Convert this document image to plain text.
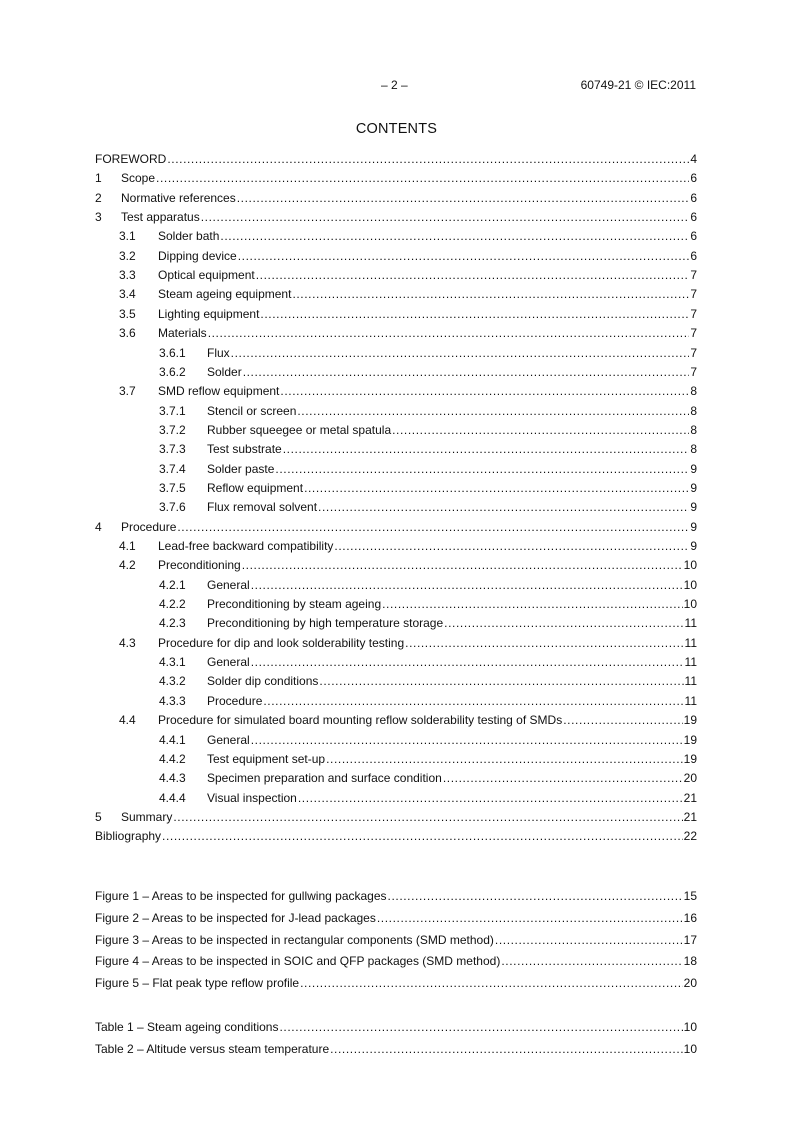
– 2 –	60749-21 © IEC:2011
CONTENTS
FOREWORD .....	4
1	Scope .....	6
2	Normative references .....	6
3	Test apparatus .....	6
3.1	Solder bath .....	6
3.2	Dipping device .....	6
3.3	Optical equipment .....	7
3.4	Steam ageing equipment .....	7
3.5	Lighting equipment .....	7
3.6	Materials .....	7
3.6.1	Flux .....	7
3.6.2	Solder .....	7
3.7	SMD reflow equipment .....	8
3.7.1	Stencil or screen .....	8
3.7.2	Rubber squeegee or metal spatula .....	8
3.7.3	Test substrate .....	8
3.7.4	Solder paste .....	9
3.7.5	Reflow equipment .....	9
3.7.6	Flux removal solvent .....	9
4	Procedure .....	9
4.1	Lead-free backward compatibility .....	9
4.2	Preconditioning .....	10
4.2.1	General .....	10
4.2.2	Preconditioning by steam ageing .....	10
4.2.3	Preconditioning by high temperature storage .....	11
4.3	Procedure for dip and look solderability testing .....	11
4.3.1	General .....	11
4.3.2	Solder dip conditions .....	11
4.3.3	Procedure .....	11
4.4	Procedure for simulated board mounting reflow solderability testing of SMDs .....	19
4.4.1	General .....	19
4.4.2	Test equipment set-up .....	19
4.4.3	Specimen preparation and surface condition .....	20
4.4.4	Visual inspection .....	21
5	Summary .....	21
Bibliography .....	22
Figure 1 – Areas to be inspected for gullwing packages .....	15
Figure 2 – Areas to be inspected for J-lead packages .....	16
Figure 3 – Areas to be inspected in rectangular components (SMD method) .....	17
Figure 4 – Areas to be inspected in SOIC and QFP packages (SMD method) .....	18
Figure 5 – Flat peak type reflow profile .....	20
Table 1 – Steam ageing conditions .....	10
Table 2 – Altitude versus steam temperature .....	10
